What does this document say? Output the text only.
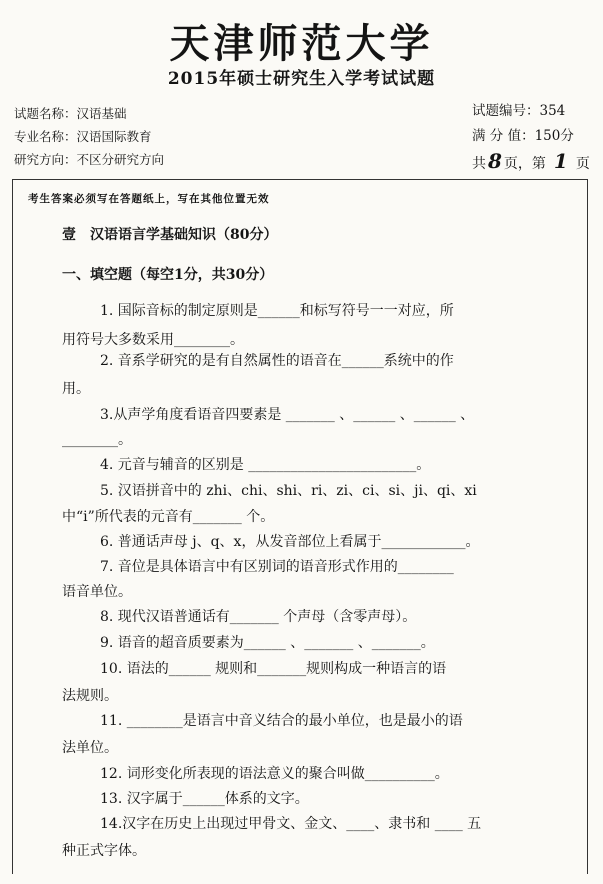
天津师范大学
2015年硕士研究生入学考试试题
试题名称：汉语基础
专业名称：汉语国际教育
研究方向：不区分研究方向
试题编号：354
满 分 值：150分
共 8 页，第 1 页
考生答案必须写在答题纸上，写在其他位置无效
壹　汉语语言学基础知识（80分）
一、填空题（每空1分，共30分）
1. 国际音标的制定原则是______和标写符号一一对应，所
用符号大多数采用________。
2. 音系学研究的是有自然属性的语音在______系统中的作
用。
3.从声学角度看语音四要素是 _______ 、______ 、______ 、
________。
4. 元音与辅音的区别是 ________________________。
5. 汉语拼音中的 zhi、chi、shi、ri、zi、ci、si、ji、qi、xi
中“i”所代表的元音有_______ 个。
6. 普通话声母 j、q、x，从发音部位上看属于____________。
7. 音位是具体语言中有区别词的语音形式作用的________
语音单位。
8. 现代汉语普通话有_______ 个声母（含零声母）。
9. 语音的超音质要素为______ 、_______ 、_______。
10. 语法的______ 规则和_______规则构成一种语言的语
法规则。
11. ________是语言中音义结合的最小单位，也是最小的语
法单位。
12. 词形变化所表现的语法意义的聚合叫做__________。
13. 汉字属于______体系的文字。
14.汉字在历史上出现过甲骨文、金文、____、隶书和 ____ 五
种正式字体。
